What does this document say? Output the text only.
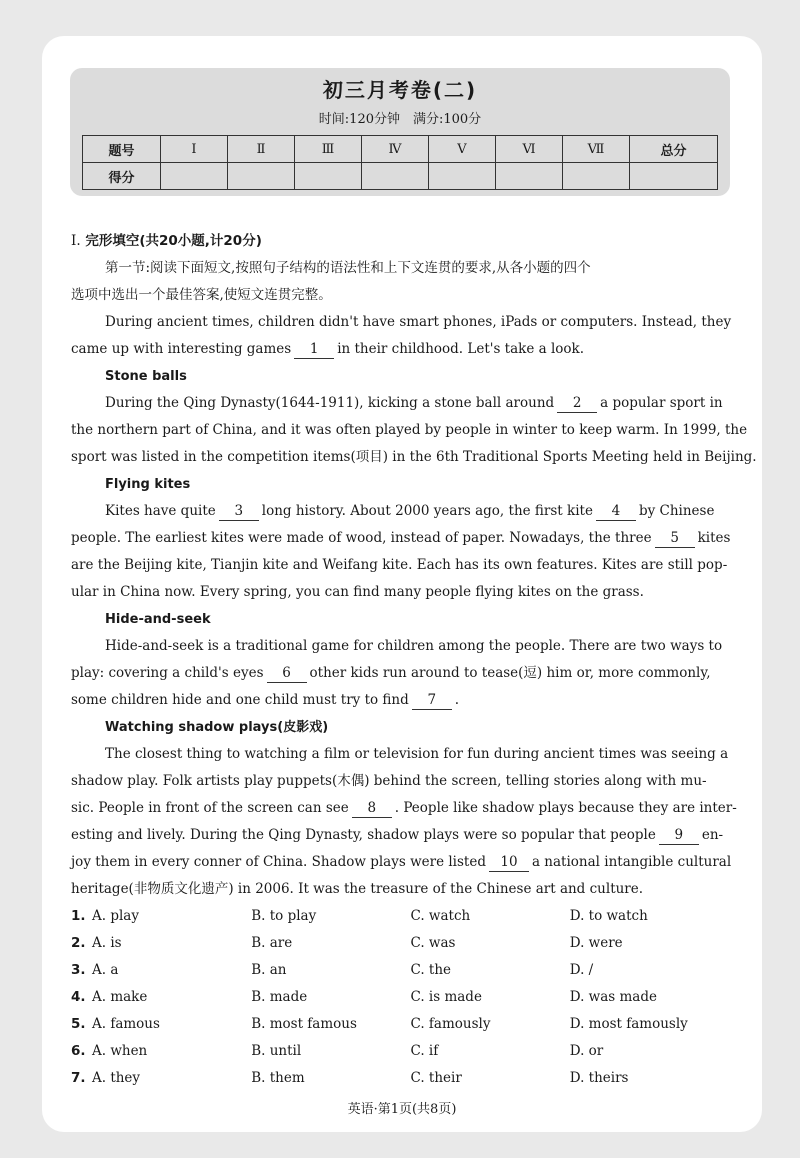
初三月考卷(二)
时间:120分钟　满分:100分
题号	Ⅰ	Ⅱ	Ⅲ	Ⅳ	Ⅴ	Ⅵ	Ⅶ	总分
得分								
Ⅰ. 完形填空(共20小题,计20分)
第一节:阅读下面短文,按照句子结构的语法性和上下文连贯的要求,从各小题的四个
选项中选出一个最佳答案,使短文连贯完整。
During ancient times, children didn't have smart phones, iPads or computers. Instead, they
came up with interesting games 1 in their childhood. Let's take a look.
Stone balls
During the Qing Dynasty(1644-1911), kicking a stone ball around 2 a popular sport in
the northern part of China, and it was often played by people in winter to keep warm. In 1999, the
sport was listed in the competition items(项目) in the 6th Traditional Sports Meeting held in Beijing.
Flying kites
Kites have quite 3 long history. About 2000 years ago, the first kite 4 by Chinese
people. The earliest kites were made of wood, instead of paper. Nowadays, the three 5 kites
are the Beijing kite, Tianjin kite and Weifang kite. Each has its own features. Kites are still pop-
ular in China now. Every spring, you can find many people flying kites on the grass.
Hide-and-seek
Hide-and-seek is a traditional game for children among the people. There are two ways to
play: covering a child's eyes 6 other kids run around to tease(逗) him or, more commonly,
some children hide and one child must try to find 7 .
Watching shadow plays(皮影戏)
The closest thing to watching a film or television for fun during ancient times was seeing a
shadow play. Folk artists play puppets(木偶) behind the screen, telling stories along with mu-
sic. People in front of the screen can see 8 . People like shadow plays because they are inter-
esting and lively. During the Qing Dynasty, shadow plays were so popular that people 9 en-
joy them in every conner of China. Shadow plays were listed 10 a national intangible cultural
heritage(非物质文化遗产) in 2006. It was the treasure of the Chinese art and culture.
1. A. play	B. to play	C. watch	D. to watch
2. A. is	B. are	C. was	D. were
3. A. a	B. an	C. the	D. /
4. A. make	B. made	C. is made	D. was made
5. A. famous	B. most famous	C. famously	D. most famously
6. A. when	B. until	C. if	D. or
7. A. they	B. them	C. their	D. theirs
英语·第1页(共8页)
